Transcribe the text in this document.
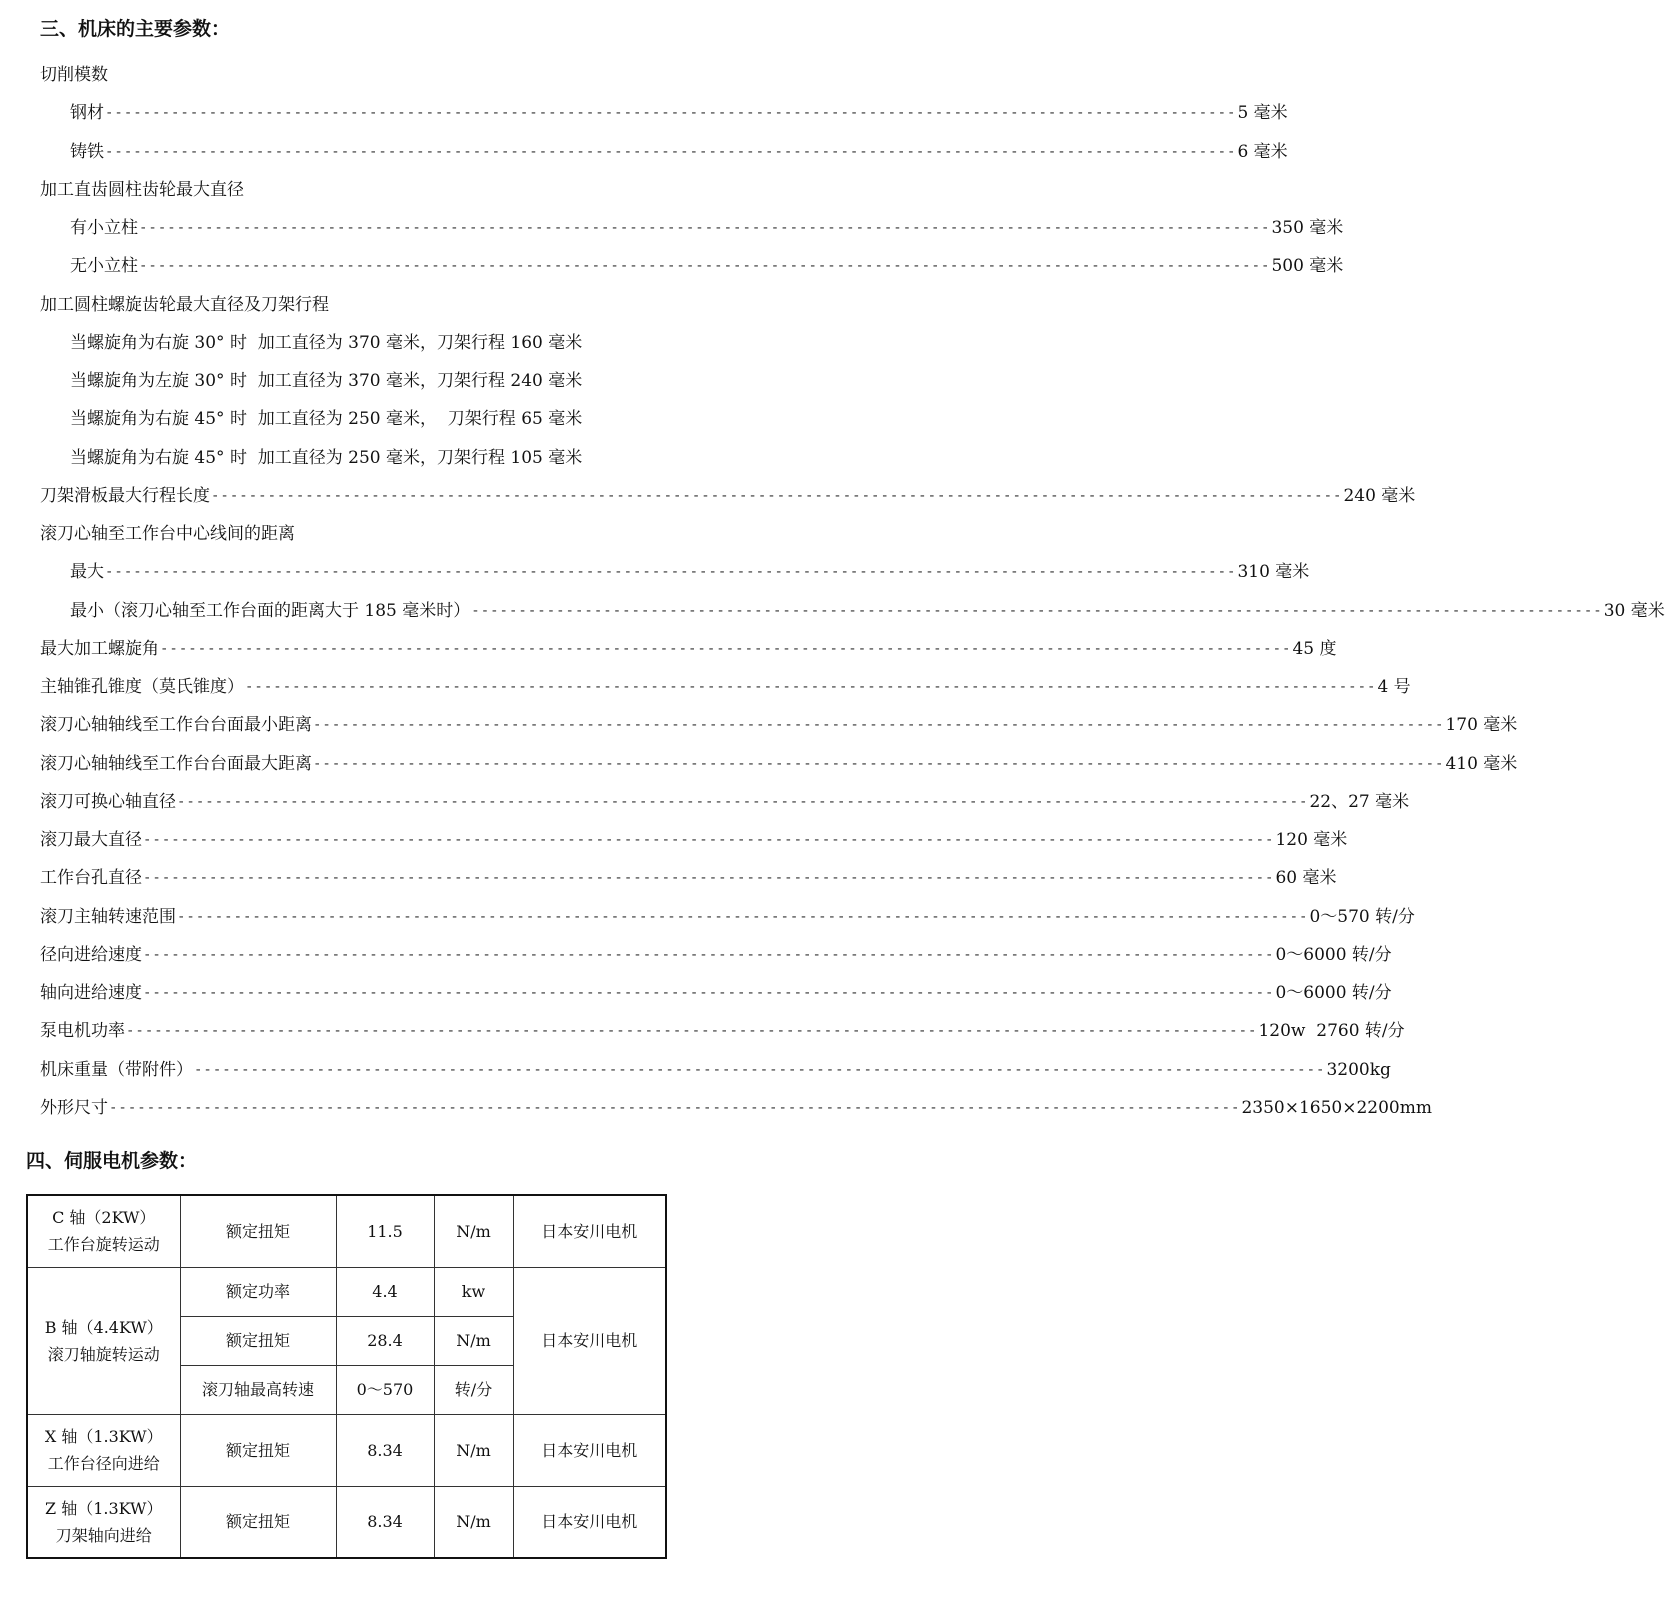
三、机床的主要参数：
切削模数
钢材 ------------------------------------------------------------------------------------------------------------------------ 5 毫米
铸铁 ------------------------------------------------------------------------------------------------------------------------ 6 毫米
加工直齿圆柱齿轮最大直径
有小立柱 ------------------------------------------------------------------------------------------------------------------------ 350 毫米
无小立柱 ------------------------------------------------------------------------------------------------------------------------ 500 毫米
加工圆柱螺旋齿轮最大直径及刀架行程
当螺旋角为右旋 30° 时  加工直径为 370 毫米，刀架行程 160 毫米
当螺旋角为左旋 30° 时  加工直径为 370 毫米，刀架行程 240 毫米
当螺旋角为右旋 45° 时  加工直径为 250 毫米，  刀架行程 65 毫米
当螺旋角为右旋 45° 时  加工直径为 250 毫米，刀架行程 105 毫米
刀架滑板最大行程长度 ------------------------------------------------------------------------------------------------------------------------ 240 毫米
滚刀心轴至工作台中心线间的距离
最大 ------------------------------------------------------------------------------------------------------------------------ 310 毫米
最小（滚刀心轴至工作台面的距离大于 185 毫米时） ------------------------------------------------------------------------------------------------------------------------ 30 毫米
最大加工螺旋角 ------------------------------------------------------------------------------------------------------------------------ 45 度
主轴锥孔锥度（莫氏锥度） ------------------------------------------------------------------------------------------------------------------------ 4 号
滚刀心轴轴线至工作台台面最小距离 ------------------------------------------------------------------------------------------------------------------------ 170 毫米
滚刀心轴轴线至工作台台面最大距离 ------------------------------------------------------------------------------------------------------------------------ 410 毫米
滚刀可换心轴直径 ------------------------------------------------------------------------------------------------------------------------ 22、27 毫米
滚刀最大直径 ------------------------------------------------------------------------------------------------------------------------ 120 毫米
工作台孔直径 ------------------------------------------------------------------------------------------------------------------------ 60 毫米
滚刀主轴转速范围 ------------------------------------------------------------------------------------------------------------------------ 0～570 转/分
径向进给速度 ------------------------------------------------------------------------------------------------------------------------ 0～6000 转/分
轴向进给速度 ------------------------------------------------------------------------------------------------------------------------ 0～6000 转/分
泵电机功率 ------------------------------------------------------------------------------------------------------------------------ 120w  2760 转/分
机床重量（带附件） ------------------------------------------------------------------------------------------------------------------------ 3200kg
外形尺寸 ------------------------------------------------------------------------------------------------------------------------ 2350×1650×2200mm
四、伺服电机参数：
C 轴（2KW）
工作台旋转运动	额定扭矩	11.5	N/m	日本安川电机

B 轴（4.4KW）
滚刀轴旋转运动	额定功率	4.4	kw	日本安川电机
	额定扭矩	28.4	N/m	
	滚刀轴最高转速	0～570	转/分	

X 轴（1.3KW）
工作台径向进给	额定扭矩	8.34	N/m	日本安川电机

Z 轴（1.3KW）
刀架轴向进给	额定扭矩	8.34	N/m	日本安川电机
